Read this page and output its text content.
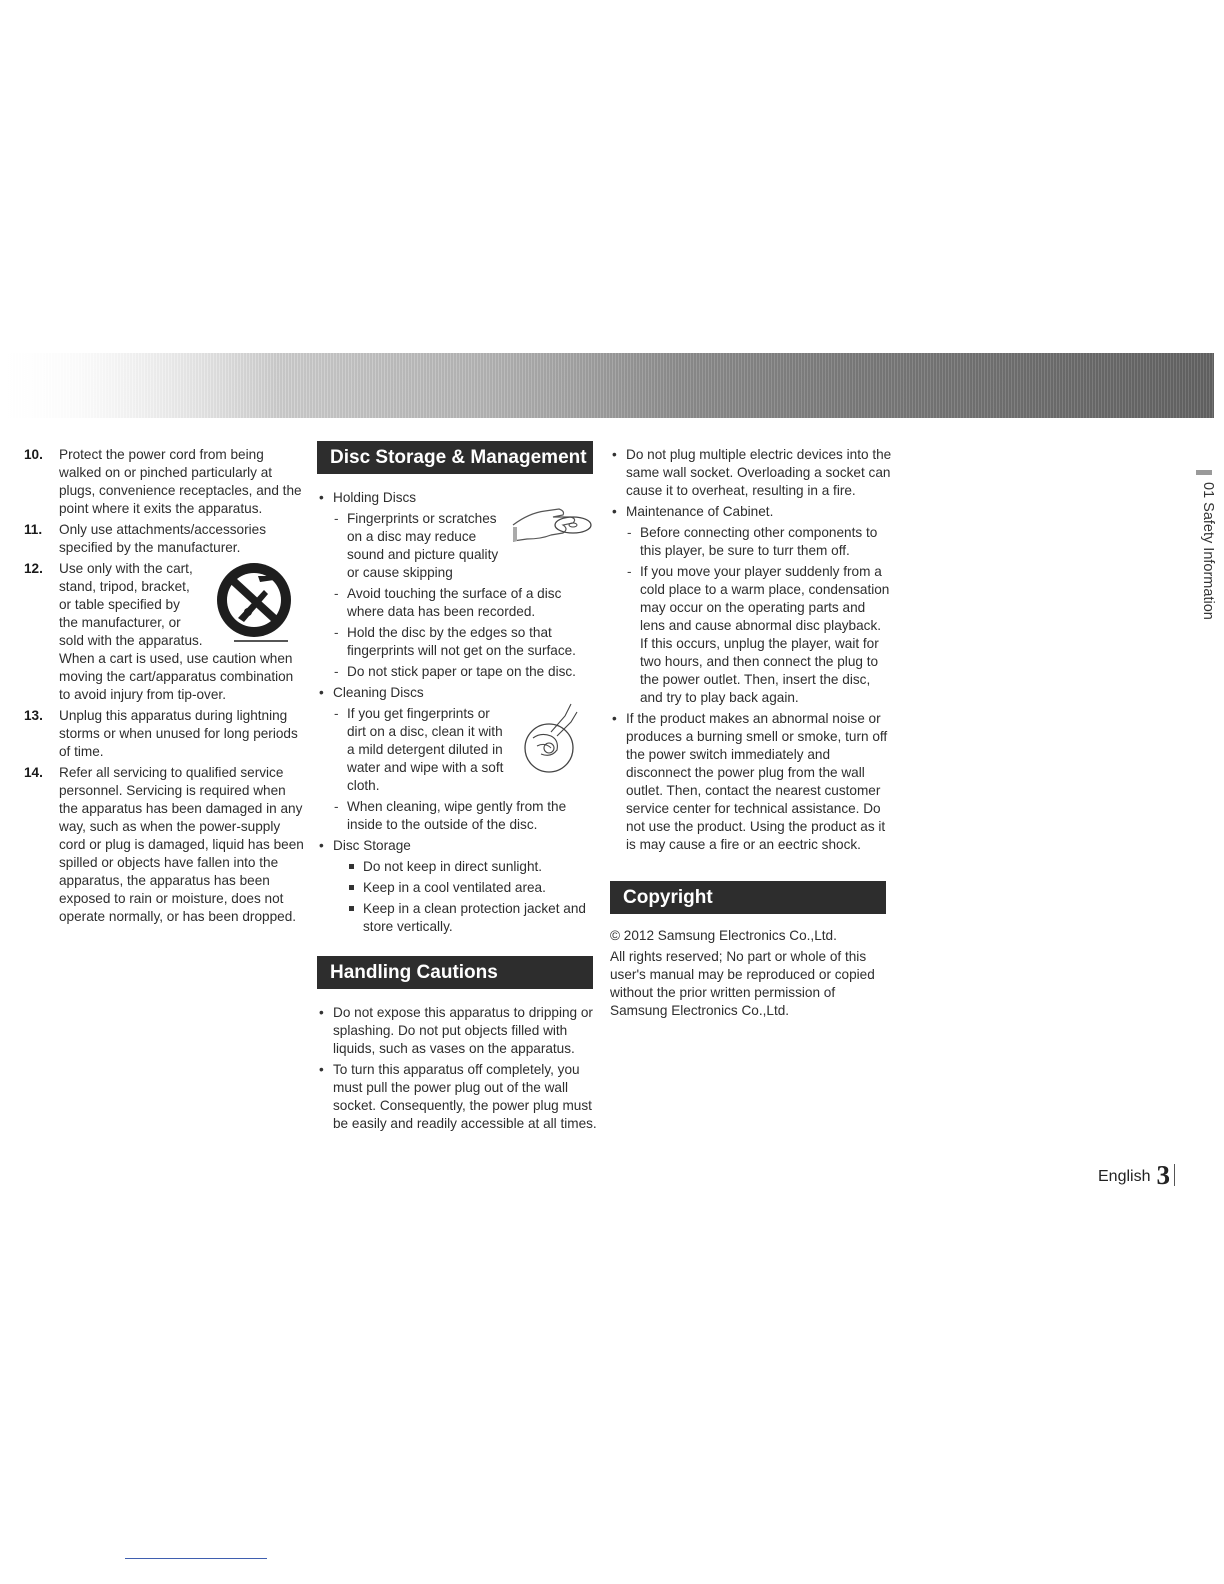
10. Protect the power cord from being walked on or pinched particularly at plugs, convenience receptacles, and the point where it exits the apparatus.
11. Only use attachments/accessories specified by the manufacturer.
12. Use only with the cart,
stand, tripod, bracket,
or table specified by
the manufacturer, or
sold with the apparatus.
When a cart is used, use caution when moving the cart/apparatus combination to avoid injury from tip-over.
13. Unplug this apparatus during lightning storms or when unused for long periods of time.
14. Refer all servicing to qualified service personnel. Servicing is required when the apparatus has been damaged in any way, such as when the power-supply cord or plug is damaged, liquid has been spilled or objects have fallen into the apparatus, the apparatus has been exposed to rain or moisture, does not operate normally, or has been dropped.
Disc Storage & Management
• Holding Discs
- Fingerprints or scratches
on a disc may reduce
sound and picture quality
or cause skipping
- Avoid touching the surface of a disc where data has been recorded.
- Hold the disc by the edges so that fingerprints will not get on the surface.
- Do not stick paper or tape on the disc.
• Cleaning Discs
- If you get fingerprints or
dirt on a disc, clean it with
a mild detergent diluted in
water and wipe with a soft
cloth.
- When cleaning, wipe gently from the inside to the outside of the disc.
• Disc Storage
Do not keep in direct sunlight.
Keep in a cool ventilated area.
Keep in a clean protection jacket and store vertically.
Handling Cautions
• Do not expose this apparatus to dripping or splashing. Do not put objects filled with liquids, such as vases on the apparatus.
• To turn this apparatus off completely, you must pull the power plug out of the wall socket. Consequently, the power plug must be easily and readily accessible at all times.
• Do not plug multiple electric devices into the same wall socket. Overloading a socket can cause it to overheat, resulting in a fire.
• Maintenance of Cabinet.
- Before connecting other components to this player, be sure to turr them off.
- If you move your player suddenly from a cold place to a warm place, condensation may occur on the operating parts and lens and cause abnormal disc playback. If this occurs, unplug the player, wait for two hours, and then connect the plug to the power outlet. Then, insert the disc, and try to play back again.
• If the product makes an abnormal noise or produces a burning smell or smoke, turn off the power switch immediately and disconnect the power plug from the wall outlet. Then, contact the nearest customer service center for technical assistance. Do not use the product. Using the product as it is may cause a fire or an eectric shock.
Copyright
© 2012 Samsung Electronics Co.,Ltd.
All rights reserved; No part or whole of this user's manual may be reproduced or copied without the prior written permission of Samsung Electronics Co.,Ltd.
01 Safety Information
English 3
